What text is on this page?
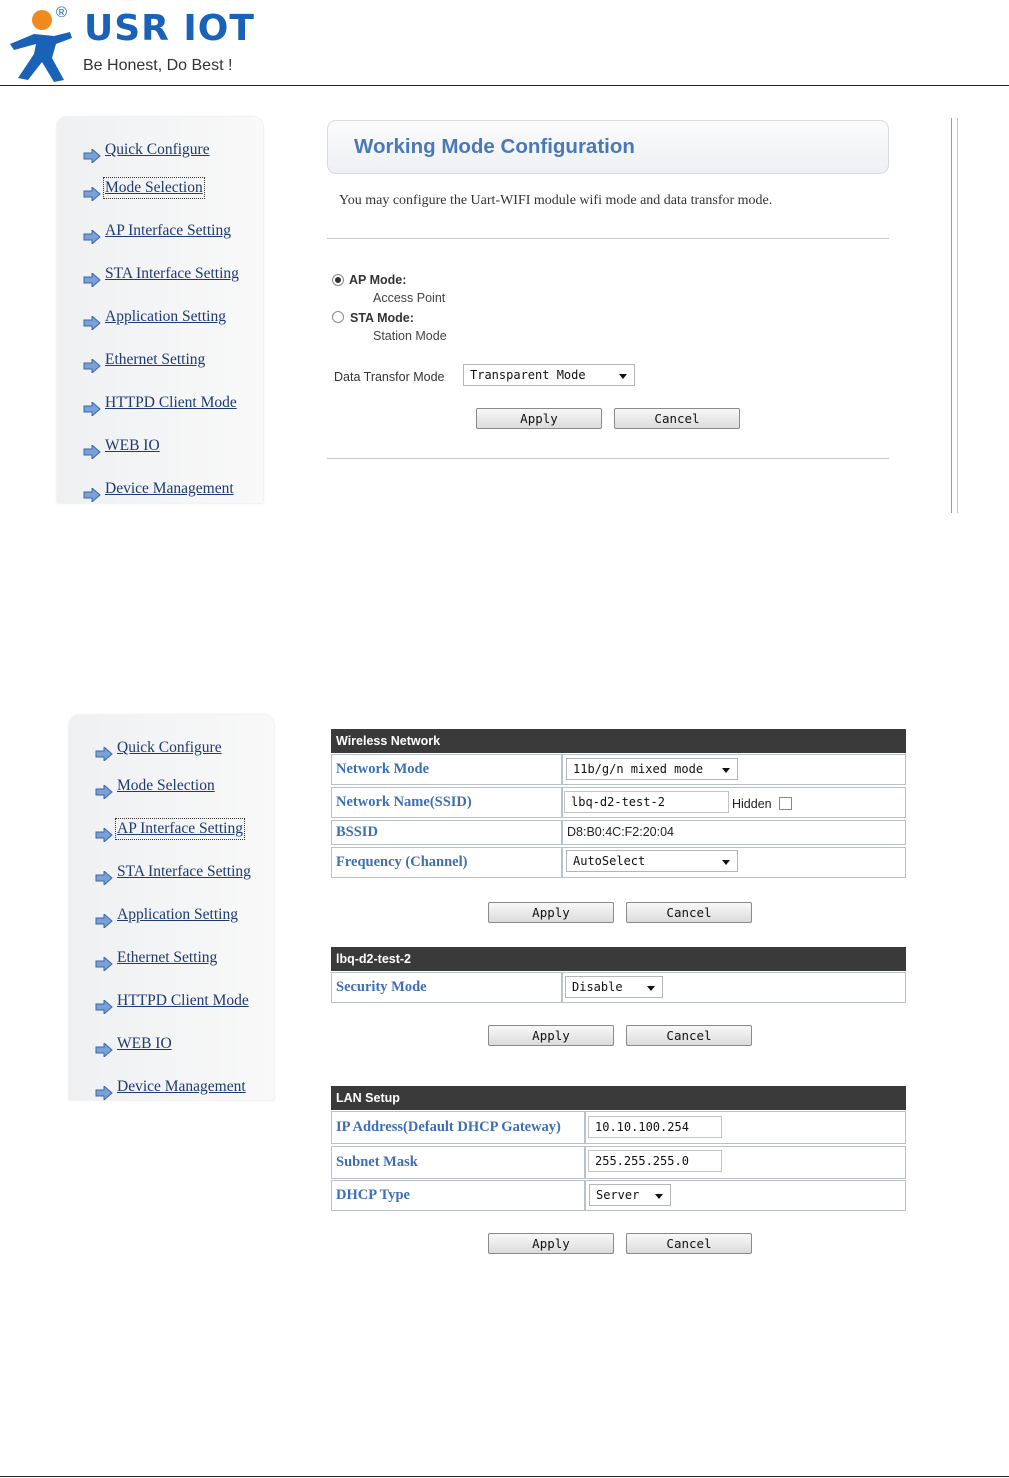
® USR IOT
Be Honest, Do Best !
Quick Configure
Mode Selection
AP Interface Setting
STA Interface Setting
Application Setting
Ethernet Setting
HTTPD Client Mode
WEB IO
Device Management
Working Mode Configuration
You may configure the Uart-WIFI module wifi mode and data transfor mode.
AP Mode:
Access Point
STA Mode:
Station Mode
Data Transfor Mode	Transparent Mode
Apply	Cancel
Quick Configure
Mode Selection
AP Interface Setting
STA Interface Setting
Application Setting
Ethernet Setting
HTTPD Client Mode
WEB IO
Device Management
Wireless Network
Network Mode	11b/g/n mixed mode
Network Name(SSID)	lbq-d2-test-2	Hidden
BSSID	D8:B0:4C:F2:20:04
Frequency (Channel)	AutoSelect
Apply	Cancel
lbq-d2-test-2
Security Mode	Disable
Apply	Cancel
LAN Setup
IP Address(Default DHCP Gateway)	10.10.100.254
Subnet Mask	255.255.255.0
DHCP Type	Server
Apply	Cancel
